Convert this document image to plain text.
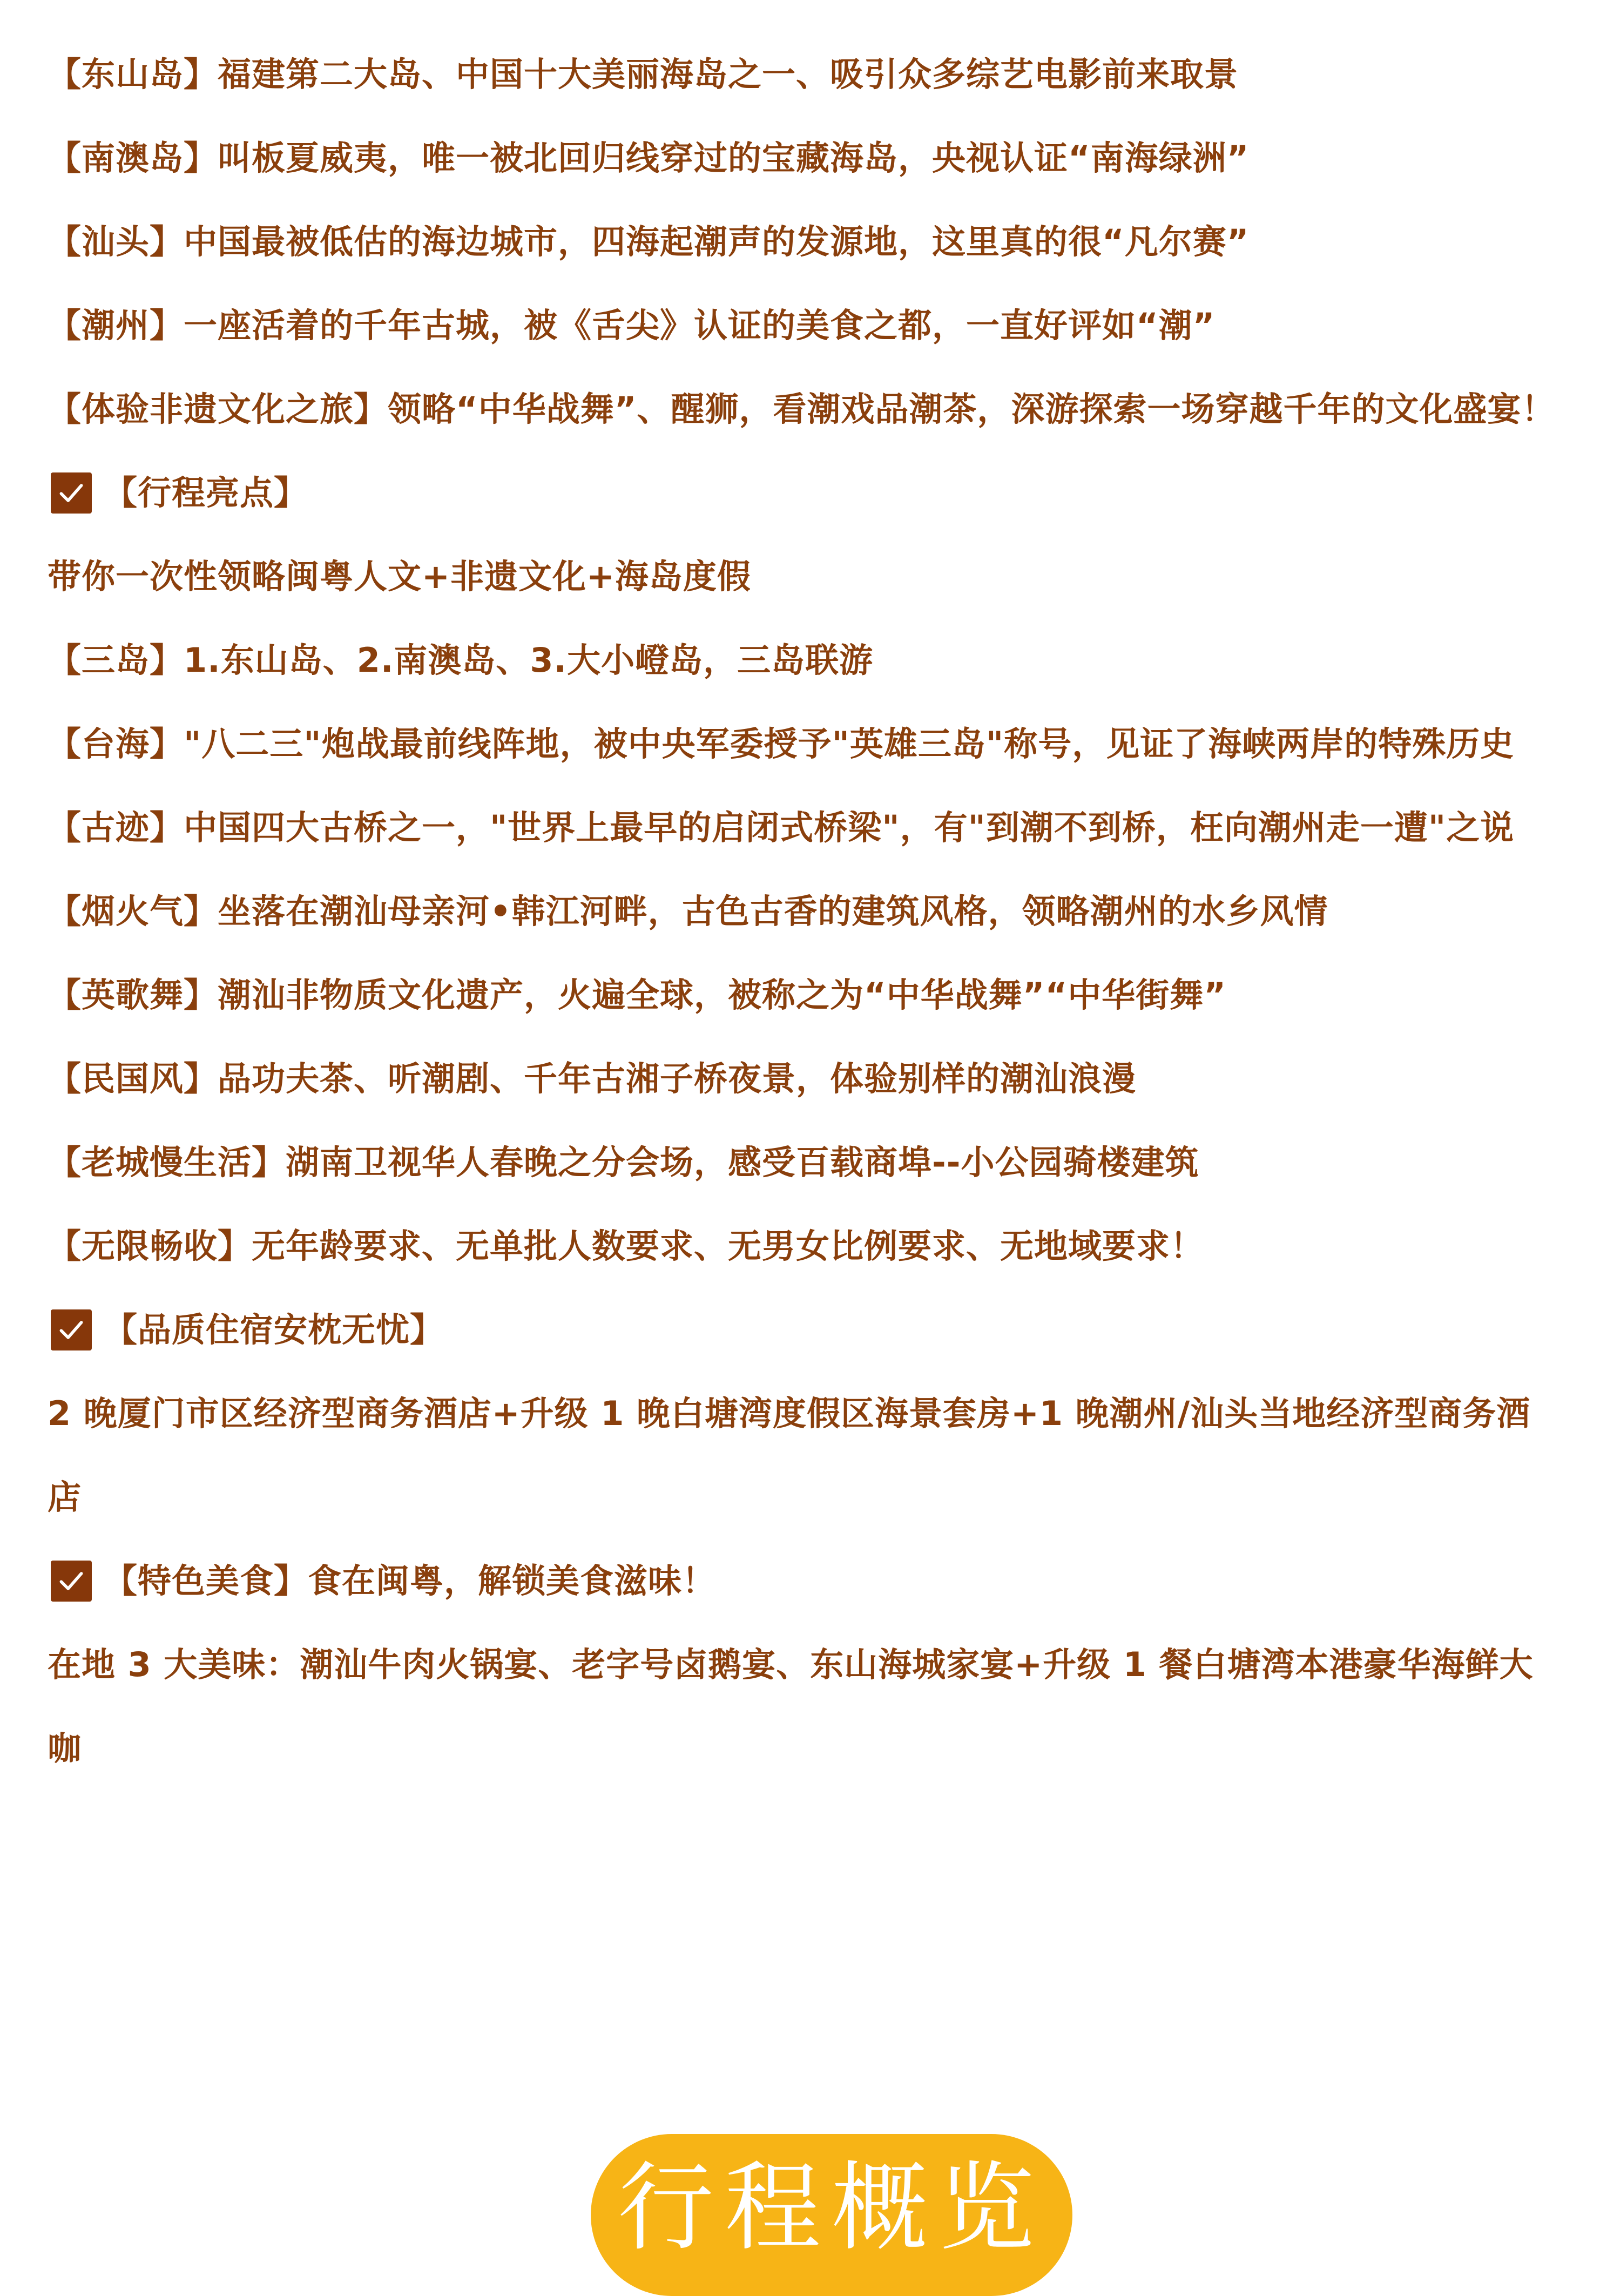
【东山岛】福建第二大岛、中国十大美丽海岛之一、吸引众多综艺电影前来取景

【南澳岛】叫板夏威夷，唯一被北回归线穿过的宝藏海岛，央视认证“南海绿洲”

【汕头】中国最被低估的海边城市，四海起潮声的发源地，这里真的很“凡尔赛”

【潮州】一座活着的千年古城，被《舌尖》认证的美食之都，一直好评如“潮”

【体验非遗文化之旅】领略“中华战舞”、醒狮，看潮戏品潮茶，深游探索一场穿越千年的文化盛宴！

【行程亮点】

带你一次性领略闽粤人文+非遗文化+海岛度假

【三岛】1.东山岛、2.南澳岛、3.大小嶝岛，三岛联游

【台海】"八二三"炮战最前线阵地，被中央军委授予"英雄三岛"称号，见证了海峡两岸的特殊历史

【古迹】中国四大古桥之一，"世界上最早的启闭式桥梁"，有"到潮不到桥，枉向潮州走一遭"之说

【烟火气】坐落在潮汕母亲河•韩江河畔，古色古香的建筑风格，领略潮州的水乡风情

【英歌舞】潮汕非物质文化遗产，火遍全球，被称之为“中华战舞”“中华街舞”

【民国风】品功夫茶、听潮剧、千年古湘子桥夜景，体验别样的潮汕浪漫

【老城慢生活】湖南卫视华人春晚之分会场，感受百载商埠--小公园骑楼建筑

【无限畅收】无年龄要求、无单批人数要求、无男女比例要求、无地域要求！

【品质住宿安枕无忧】

2 晚厦门市区经济型商务酒店+升级 1 晚白塘湾度假区海景套房+1 晚潮州/汕头当地经济型商务酒店

【特色美食】食在闽粤，解锁美食滋味！

在地 3 大美味：潮汕牛肉火锅宴、老字号卤鹅宴、东山海城家宴+升级 1 餐白塘湾本港豪华海鲜大咖

行程概览
